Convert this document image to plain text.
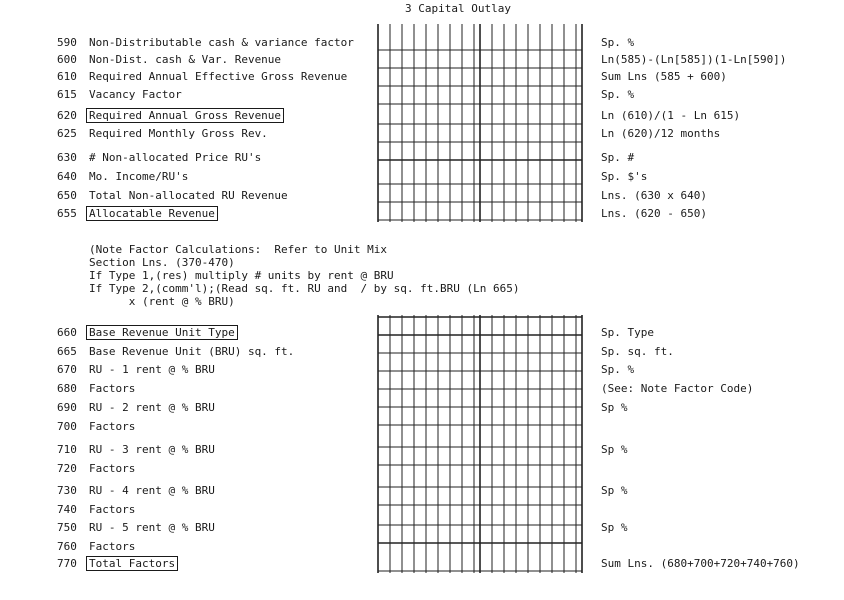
3 Capital Outlay
590 Non-Distributable cash & variance factor	Sp. %
600 Non-Dist. cash & Var. Revenue	Ln(585)-(Ln[585])(1-Ln[590])
610 Required Annual Effective Gross Revenue	Sum Lns (585 + 600)
615 Vacancy Factor	Sp. %
620 Required Annual Gross Revenue	Ln (610)/(1 - Ln 615)
625 Required Monthly Gross Rev.	Ln (620)/12 months
630 # Non-allocated Price RU's	Sp. #
640 Mo. Income/RU's	Sp. $'s
650 Total Non-allocated RU Revenue	Lns. (630 x 640)
655 Allocatable Revenue	Lns. (620 - 650)
660 Base Revenue Unit Type	Sp. Type
665 Base Revenue Unit (BRU) sq. ft.	Sp. sq. ft.
670 RU - 1 rent @ % BRU	Sp. %
680 Factors	(See: Note Factor Code)
690 RU - 2 rent @ % BRU	Sp %
700 Factors
710 RU - 3 rent @ % BRU	Sp %
720 Factors
730 RU - 4 rent @ % BRU	Sp %
740 Factors
750 RU - 5 rent @ % BRU	Sp %
760 Factors
770 Total Factors	Sum Lns. (680+700+720+740+760)
(Note Factor Calculations:  Refer to Unit Mix
Section Lns. (370-470)
If Type 1,(res) multiply # units by rent @ BRU
If Type 2,(comm'l);(Read sq. ft. RU and  / by sq. ft.BRU (Ln 665)
x (rent @ % BRU)
